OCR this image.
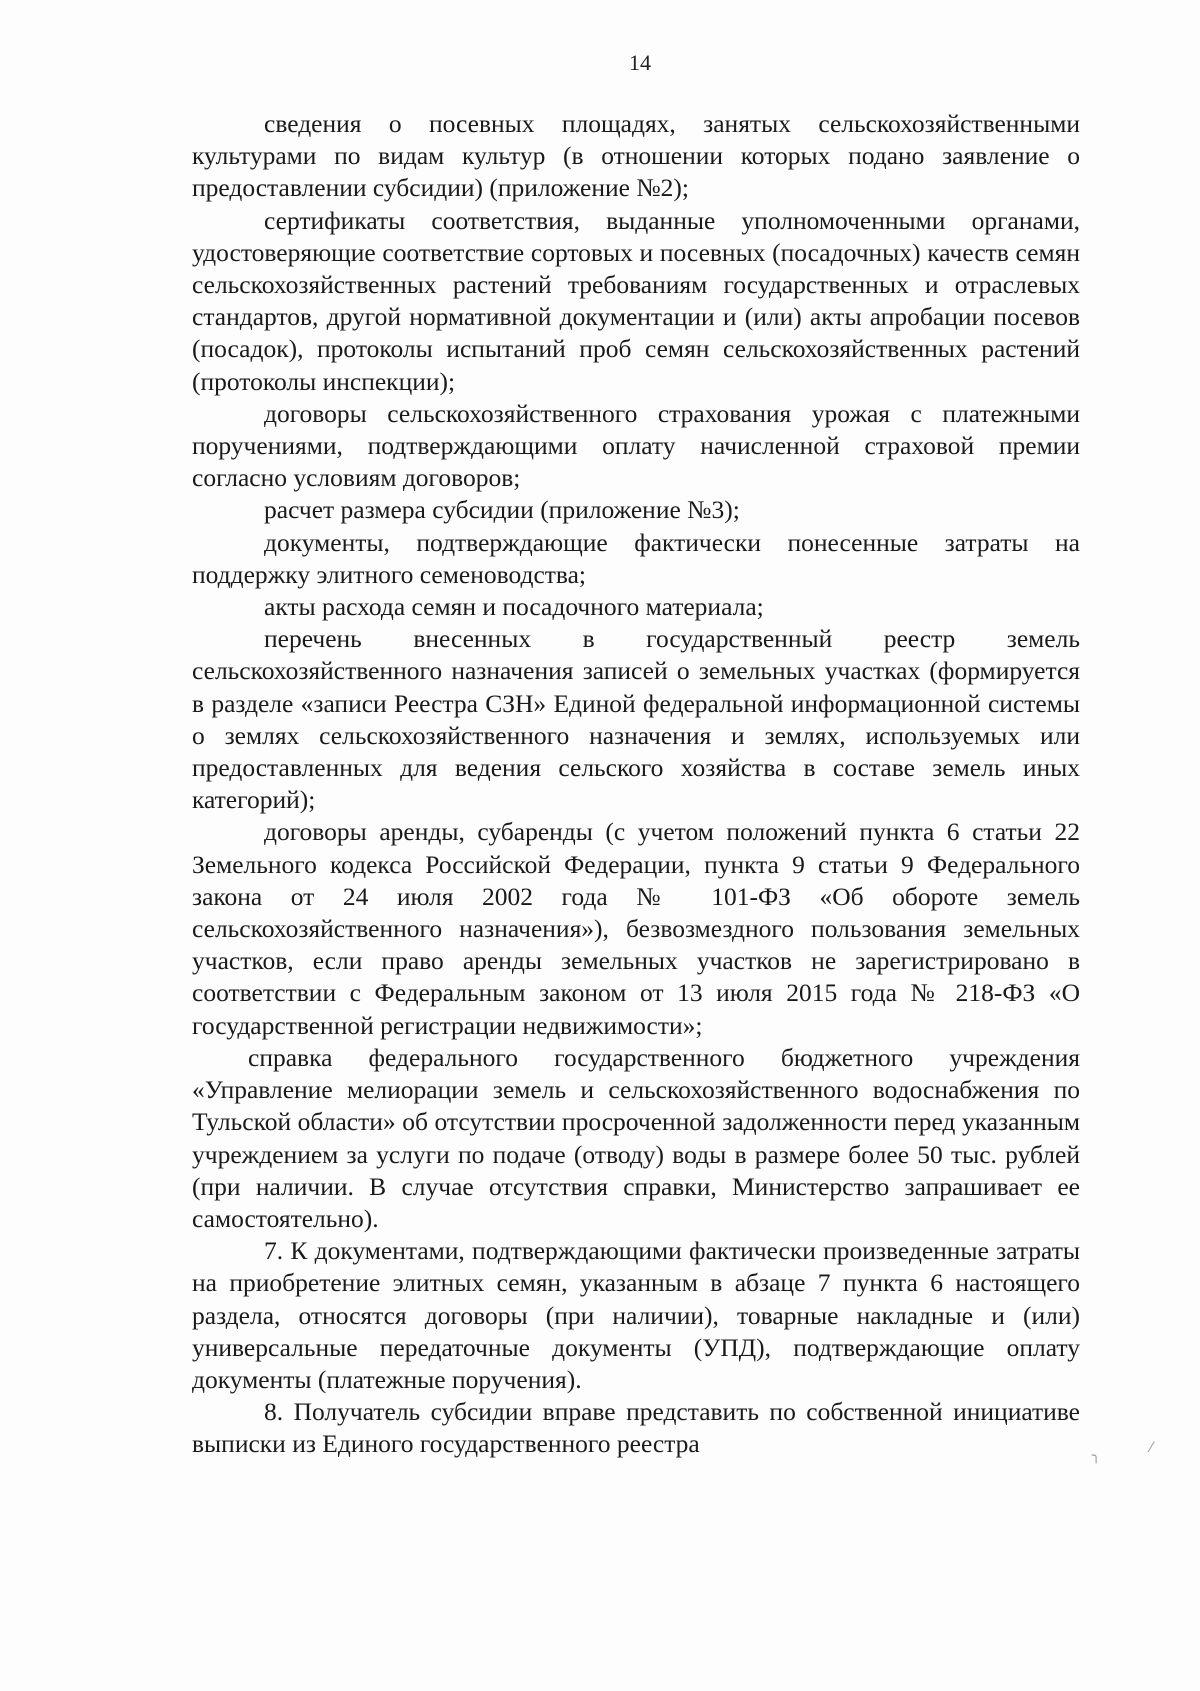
14

сведения о посевных площадях, занятых сельскохозяйственными культурами по видам культур (в отношении которых подано заявление о предоставлении субсидии) (приложение №2);

сертификаты соответствия, выданные уполномоченными органами, удостоверяющие соответствие сортовых и посевных (посадочных) качеств семян сельскохозяйственных растений требованиям государственных и отраслевых стандартов, другой нормативной документации и (или) акты апробации посевов (посадок), протоколы испытаний проб семян сельскохозяйственных растений (протоколы инспекции);

договоры сельскохозяйственного страхования урожая с платежными поручениями, подтверждающими оплату начисленной страховой премии согласно условиям договоров;

расчет размера субсидии (приложение №3);

документы, подтверждающие фактически понесенные затраты на поддержку элитного семеноводства;

акты расхода семян и посадочного материала;

перечень внесенных в государственный реестр земель сельскохозяйственного назначения записей о земельных участках (формируется в разделе «записи Реестра СЗН» Единой федеральной информационной системы о землях сельскохозяйственного назначения и землях, используемых или предоставленных для ведения сельского хозяйства в составе земель иных категорий);

договоры аренды, субаренды (с учетом положений пункта 6 статьи 22 Земельного кодекса Российской Федерации, пункта 9 статьи 9 Федерального закона от 24 июля 2002 года № 101-ФЗ «Об обороте земель сельскохозяйственного назначения»), безвозмездного пользования земельных участков, если право аренды земельных участков не зарегистрировано в соответствии с Федеральным законом от 13 июля 2015 года № 218-ФЗ «О государственной регистрации недвижимости»;

справка федерального государственного бюджетного учреждения «Управление мелиорации земель и сельскохозяйственного водоснабжения по Тульской области» об отсутствии просроченной задолженности перед указанным учреждением за услуги по подаче (отводу) воды в размере более 50 тыс. рублей (при наличии. В случае отсутствия справки, Министерство запрашивает ее самостоятельно).

7. К документами, подтверждающими фактически произведенные затраты на приобретение элитных семян, указанным в абзаце 7 пункта 6 настоящего раздела, относятся договоры (при наличии), товарные накладные и (или) универсальные передаточные документы (УПД), подтверждающие оплату документы (платежные поручения).

8. Получатель субсидии вправе представить по собственной инициативе выписки из Единого государственного реестра	╮	⁄
